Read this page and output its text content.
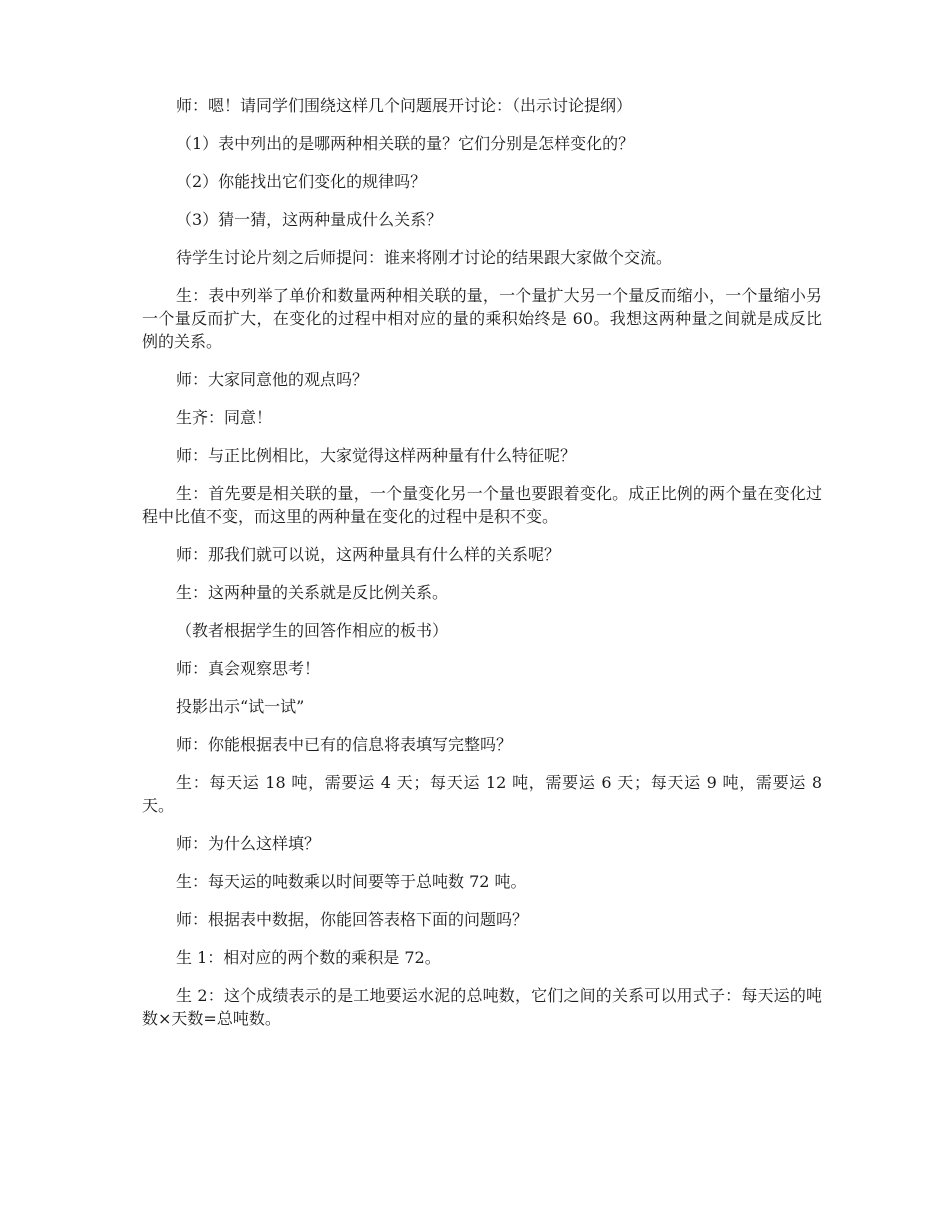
师：嗯！请同学们围绕这样几个问题展开讨论：（出示讨论提纲）

（1）表中列出的是哪两种相关联的量？它们分别是怎样变化的？

（2）你能找出它们变化的规律吗？

（3）猜一猜，这两种量成什么关系？

待学生讨论片刻之后师提问：谁来将刚才讨论的结果跟大家做个交流。

生：表中列举了单价和数量两种相关联的量，一个量扩大另一个量反而缩小，一个量缩小另一个量反而扩大，在变化的过程中相对应的量的乘积始终是 60。我想这两种量之间就是成反比例的关系。

师：大家同意他的观点吗？

生齐：同意！

师：与正比例相比，大家觉得这样两种量有什么特征呢？

生：首先要是相关联的量，一个量变化另一个量也要跟着变化。成正比例的两个量在变化过程中比值不变，而这里的两种量在变化的过程中是积不变。

师：那我们就可以说，这两种量具有什么样的关系呢？

生：这两种量的关系就是反比例关系。

（教者根据学生的回答作相应的板书）

师：真会观察思考！

投影出示“试一试”

师：你能根据表中已有的信息将表填写完整吗？

生：每天运 18 吨，需要运 4 天；每天运 12 吨，需要运 6 天；每天运 9 吨，需要运 8 天。

师：为什么这样填？

生：每天运的吨数乘以时间要等于总吨数 72 吨。

师：根据表中数据，你能回答表格下面的问题吗？

生 1：相对应的两个数的乘积是 72。

生 2：这个成绩表示的是工地要运水泥的总吨数，它们之间的关系可以用式子：每天运的吨数×天数=总吨数。
